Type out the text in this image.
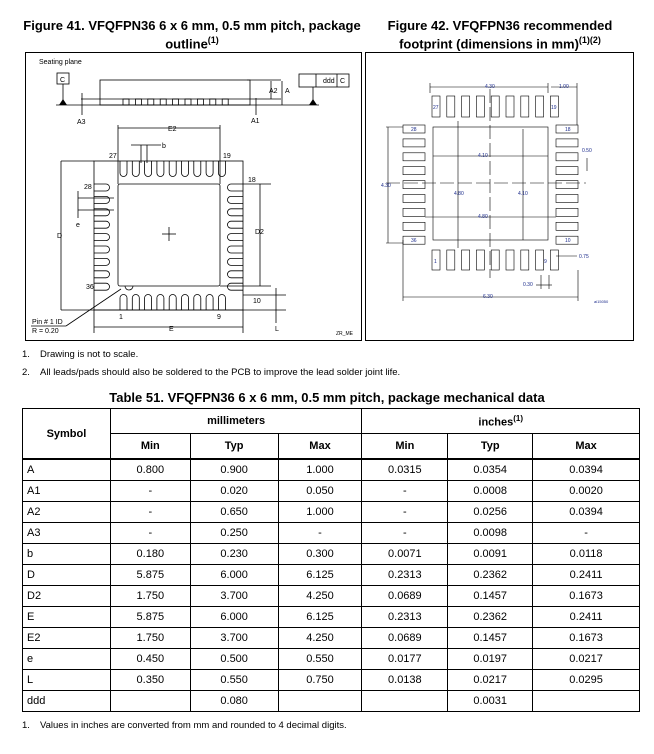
Figure 41. VFQFPN36 6 x 6 mm, 0.5 mm pitch, package
outline$^{(1)}$
Figure 42. VFQFPN36 recommended
footprint (dimensions in mm)$^{(1)(2)}$
Seating plane
C	ddd C
A3	A1
A2 A
E2
b
27	19
18
28
e
D
D2
36
10
1	9
L
E
Pin # 1 ID
R = 0.20	ZR_ME
4.30	1.00
4.30
4.10
4.80	4.10
4.80
0.50
0.75
0.30
6.30
ai15050
27	19
28	18
36	10
1	9
1. Drawing is not to scale.
2. All leads/pads should also be soldered to the PCB to improve the lead solder joint life.
Table 51. VFQFPN36 6 x 6 mm, 0.5 mm pitch, package mechanical data
Symbol	millimeters			inches$^{(1)}$
	Min	Typ	Max	Min	Typ	Max
A	0.800	0.900	1.000	0.0315	0.0354	0.0394
A1	-	0.020	0.050	-	0.0008	0.0020
A2	-	0.650	1.000	-	0.0256	0.0394
A3	-	0.250	-	-	0.0098	-
b	0.180	0.230	0.300	0.0071	0.0091	0.0118
D	5.875	6.000	6.125	0.2313	0.2362	0.2411
D2	1.750	3.700	4.250	0.0689	0.1457	0.1673
E	5.875	6.000	6.125	0.2313	0.2362	0.2411
E2	1.750	3.700	4.250	0.0689	0.1457	0.1673
e	0.450	0.500	0.550	0.0177	0.0197	0.0217
L	0.350	0.550	0.750	0.0138	0.0217	0.0295
ddd		0.080			0.0031	
1. Values in inches are converted from mm and rounded to 4 decimal digits.
